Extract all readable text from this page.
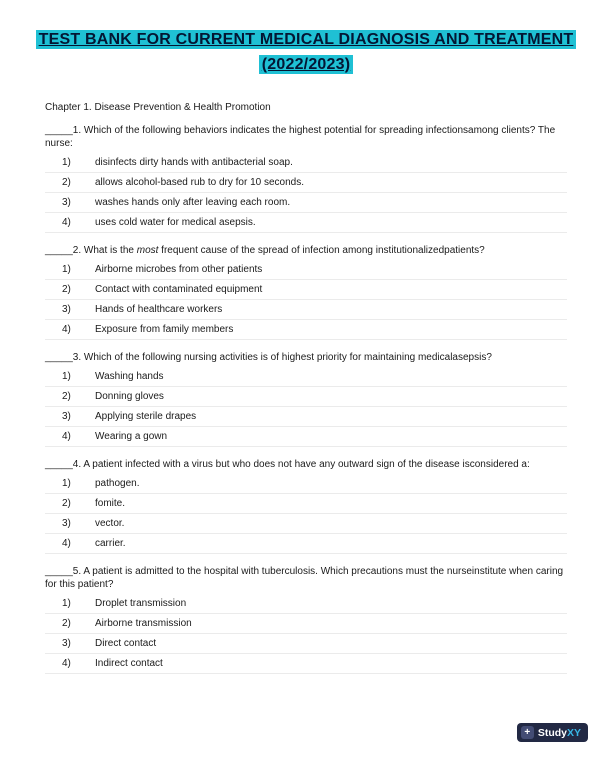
TEST BANK FOR CURRENT MEDICAL DIAGNOSIS AND TREATMENT
(2022/2023)
Chapter 1. Disease Prevention & Health Promotion
_____1. Which of the following behaviors indicates the highest potential for spreading infectionsamong clients? The nurse:
1)	disinfects dirty hands with antibacterial soap.
2)	allows alcohol-based rub to dry for 10 seconds.
3)	washes hands only after leaving each room.
4)	uses cold water for medical asepsis.
_____2. What is the most frequent cause of the spread of infection among institutionalizedpatients?
1)	Airborne microbes from other patients
2)	Contact with contaminated equipment
3)	Hands of healthcare workers
4)	Exposure from family members
_____3. Which of the following nursing activities is of highest priority for maintaining medicalasepsis?
1)	Washing hands
2)	Donning gloves
3)	Applying sterile drapes
4)	Wearing a gown
_____4. A patient infected with a virus but who does not have any outward sign of the disease isconsidered a:
1)	pathogen.
2)	fomite.
3)	vector.
4)	carrier.
_____5. A patient is admitted to the hospital with tuberculosis. Which precautions must the nurseinstitute when caring for this patient?
1)	Droplet transmission
2)	Airborne transmission
3)	Direct contact
4)	Indirect contact
+ Study XY
